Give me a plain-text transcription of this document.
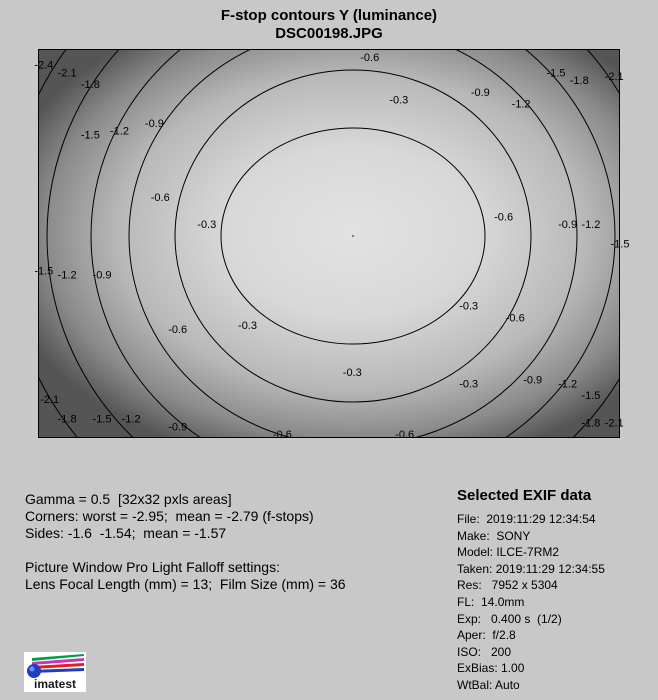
F-stop contours Y (luminance)
DSC00198.JPG
-0.3
-0.3
-0.3
-0.3
-0.3
-0.3
-0.6
-0.6
-0.6
-0.6
-0.6
-0.6	-0.6
-0.9
-0.9
-0.9
-0.9
-0.9
-0.9
-1.2
-1.2
-1.2
-1.2
-1.2
-1.2
-1.5
-1.5
-1.5
-1.5
-1.5
-1.5
-1.8
-1.8
-1.8
-1.8
-2.1
-2.1
-2.1
-2.1
-2.4
Gamma = 0.5  [32x32 pxls areas]
Corners: worst = -2.95;  mean = -2.79 (f-stops)
Sides: -1.6  -1.54;  mean = -1.57
Picture Window Pro Light Falloff settings:
Lens Focal Length (mm) = 13;  Film Size (mm) = 36
Selected EXIF data
File:  2019:11:29 12:34:54
Make:  SONY
Model: ILCE-7RM2
Taken: 2019:11:29 12:34:55
Res:   7952 x 5304
FL:  14.0mm
Exp:   0.400 s  (1/2)
Aper:  f/2.8
ISO:   200
ExBias: 1.00
WtBal: Auto
imatest
